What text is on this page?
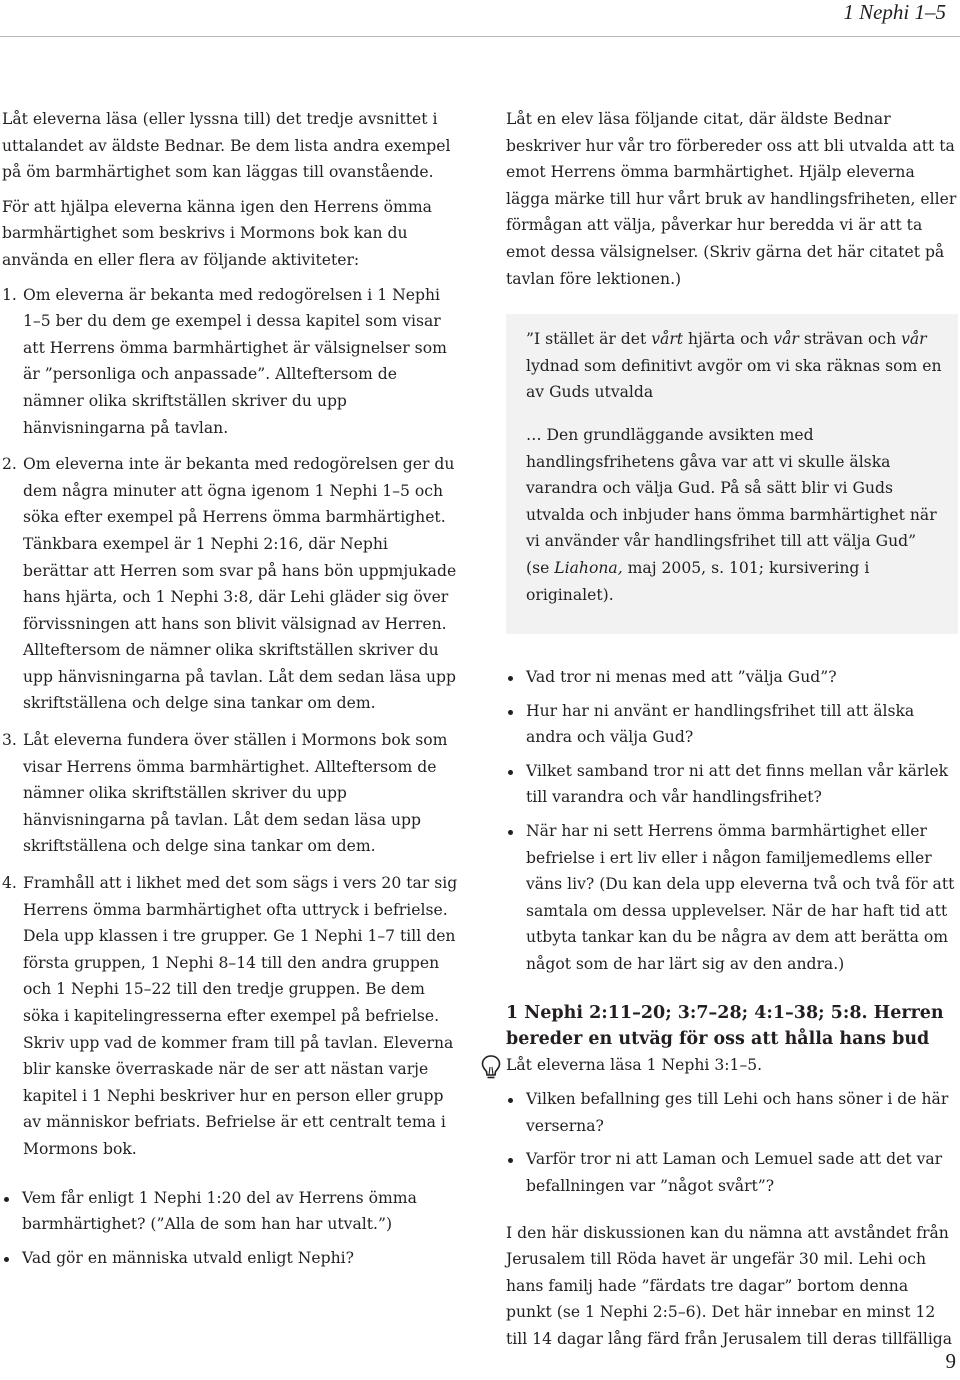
1 Nephi 1–5

Låt eleverna läsa (eller lyssna till) det tredje avsnittet i uttalandet av äldste Bednar. Be dem lista andra exempel på öm barmhärtighet som kan läggas till ovanstående.

För att hjälpa eleverna känna igen den Herrens ömma barmhärtighet som beskrivs i Mormons bok kan du använda en eller flera av följande aktiviteter:

1. Om eleverna är bekanta med redogörelsen i 1 Nephi 1–5 ber du dem ge exempel i dessa kapitel som visar att Herrens ömma barmhärtighet är välsignelser som är ”personliga och anpassade”. Allteftersom de nämner olika skriftställen skriver du upp hänvisningarna på tavlan.
2. Om eleverna inte är bekanta med redogörelsen ger du dem några minuter att ögna igenom 1 Nephi 1–5 och söka efter exempel på Herrens ömma barmhärtighet. Tänkbara exempel är 1 Nephi 2:16, där Nephi berättar att Herren som svar på hans bön uppmjukade hans hjärta, och 1 Nephi 3:8, där Lehi gläder sig över förvissningen att hans son blivit välsignad av Herren. Allteftersom de nämner olika skriftställen skriver du upp hänvisningarna på tavlan. Låt dem sedan läsa upp skriftställena och delge sina tankar om dem.
3. Låt eleverna fundera över ställen i Mormons bok som visar Herrens ömma barmhärtighet. Allteftersom de nämner olika skriftställen skriver du upp hänvisningarna på tavlan. Låt dem sedan läsa upp skriftställena och delge sina tankar om dem.
4. Framhåll att i likhet med det som sägs i vers 20 tar sig Herrens ömma barmhärtighet ofta uttryck i befrielse. Dela upp klassen i tre grupper. Ge 1 Nephi 1–7 till den första gruppen, 1 Nephi 8–14 till den andra gruppen och 1 Nephi 15–22 till den tredje gruppen. Be dem söka i kapitelingresserna efter exempel på befrielse. Skriv upp vad de kommer fram till på tavlan. Eleverna blir kanske överraskade när de ser att nästan varje kapitel i 1 Nephi beskriver hur en person eller grupp av människor befriats. Befrielse är ett centralt tema i Mormons bok.
Vem får enligt 1 Nephi 1:20 del av Herrens ömma barmhärtighet? (”Alla de som han har utvalt.”)
Vad gör en människa utvald enligt Nephi?

Låt en elev läsa följande citat, där äldste Bednar beskriver hur vår tro förbereder oss att bli utvalda att ta emot Herrens ömma barmhärtighet. Hjälp eleverna lägga märke till hur vårt bruk av handlingsfriheten, eller förmågan att välja, påverkar hur beredda vi är att ta emot dessa välsignelser. (Skriv gärna det här citatet på tavlan före lektionen.)

”I stället är det vårt hjärta och vår strävan och vår lydnad som definitivt avgör om vi ska räknas som en av Guds utvalda

… Den grundläggande avsikten med handlingsfrihetens gåva var att vi skulle älska varandra och välja Gud. På så sätt blir vi Guds utvalda och inbjuder hans ömma barmhärtighet när vi använder vår handlingsfrihet till att välja Gud” (se Liahona, maj 2005, s. 101; kursivering i originalet).

Vad tror ni menas med att ”välja Gud”?
Hur har ni använt er handlingsfrihet till att älska andra och välja Gud?
Vilket samband tror ni att det finns mellan vår kärlek till varandra och vår handlingsfrihet?
När har ni sett Herrens ömma barmhärtighet eller befrielse i ert liv eller i någon familjemedlems eller väns liv? (Du kan dela upp eleverna två och två för att samtala om dessa upplevelser. När de har haft tid att utbyta tankar kan du be några av dem att berätta om något som de har lärt sig av den andra.)
1 Nephi 2:11–20; 3:7–28; 4:1–38; 5:8. Herren bereder en utväg för oss att hålla hans bud

Låt eleverna läsa 1 Nephi 3:1–5.

Vilken befallning ges till Lehi och hans söner i de här verserna?
Varför tror ni att Laman och Lemuel sade att det var befallningen var ”något svårt”?

I den här diskussionen kan du nämna att avståndet från Jerusalem till Röda havet är ungefär 30 mil. Lehi och hans familj hade ”färdats tre dagar” bortom denna punkt (se 1 Nephi 2:5–6). Det här innebar en minst 12 till 14 dagar lång färd från Jerusalem till deras tillfälliga

9
